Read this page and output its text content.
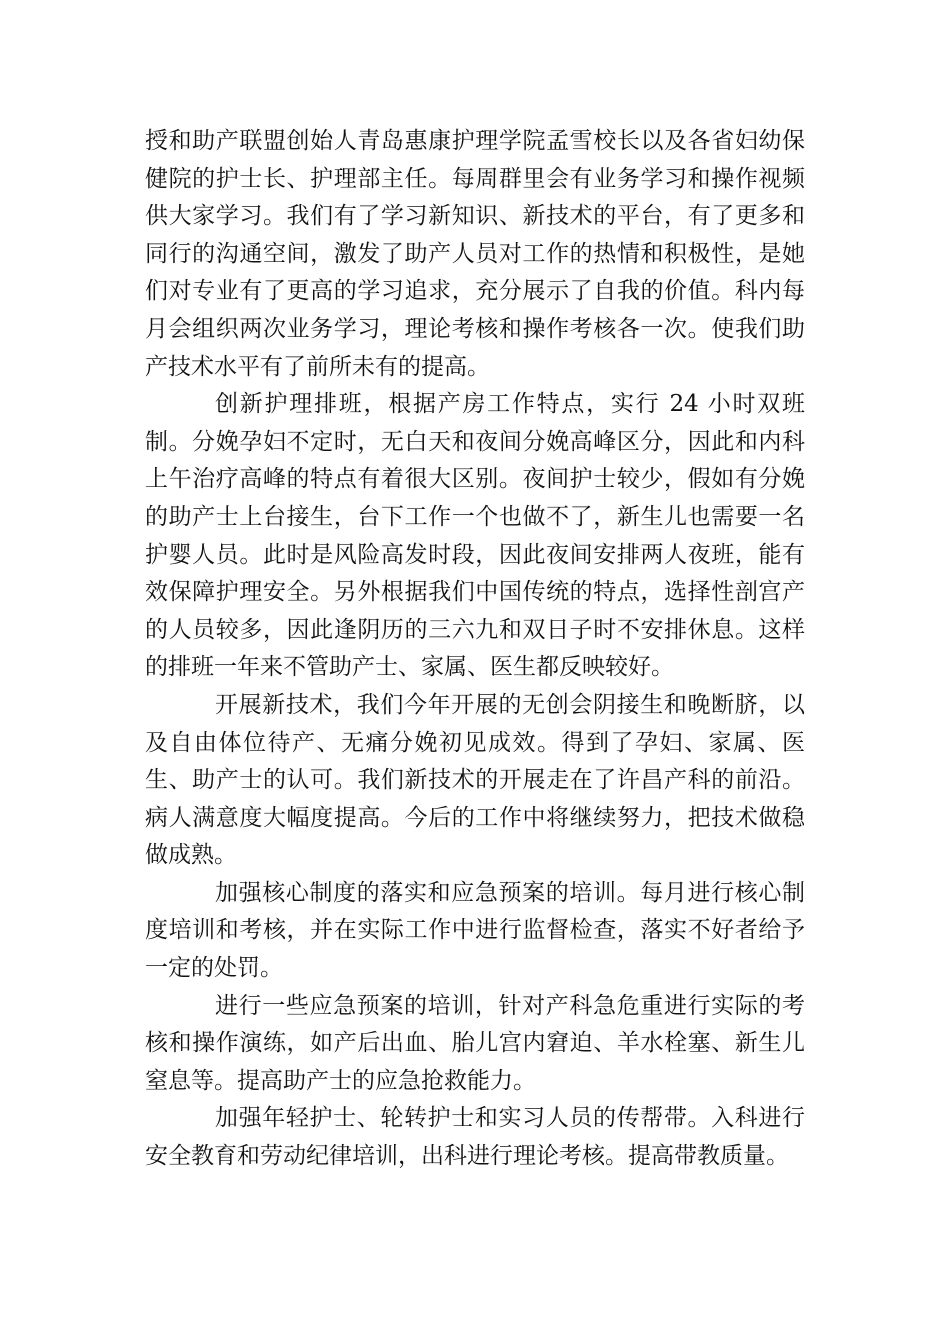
授和助产联盟创始人青岛惠康护理学院孟雪校长以及各省妇幼保健院的护士长、护理部主任。每周群里会有业务学习和操作视频供大家学习。我们有了学习新知识、新技术的平台，有了更多和同行的沟通空间，激发了助产人员对工作的热情和积极性，是她们对专业有了更高的学习追求，充分展示了自我的价值。科内每月会组织两次业务学习，理论考核和操作考核各一次。使我们助产技术水平有了前所未有的提高。

创新护理排班，根据产房工作特点，实行 24 小时双班制。分娩孕妇不定时，无白天和夜间分娩高峰区分，因此和内科上午治疗高峰的特点有着很大区别。夜间护士较少，假如有分娩的助产士上台接生，台下工作一个也做不了，新生儿也需要一名护婴人员。此时是风险高发时段，因此夜间安排两人夜班，能有效保障护理安全。另外根据我们中国传统的特点，选择性剖宫产的人员较多，因此逢阴历的三六九和双日子时不安排休息。这样的排班一年来不管助产士、家属、医生都反映较好。

开展新技术，我们今年开展的无创会阴接生和晚断脐，以及自由体位待产、无痛分娩初见成效。得到了孕妇、家属、医生、助产士的认可。我们新技术的开展走在了许昌产科的前沿。病人满意度大幅度提高。今后的工作中将继续努力，把技术做稳做成熟。

加强核心制度的落实和应急预案的培训。每月进行核心制度培训和考核，并在实际工作中进行监督检查，落实不好者给予一定的处罚。

进行一些应急预案的培训，针对产科急危重进行实际的考核和操作演练，如产后出血、胎儿宫内窘迫、羊水栓塞、新生儿窒息等。提高助产士的应急抢救能力。

加强年轻护士、轮转护士和实习人员的传帮带。入科进行安全教育和劳动纪律培训，出科进行理论考核。提高带教质量。
